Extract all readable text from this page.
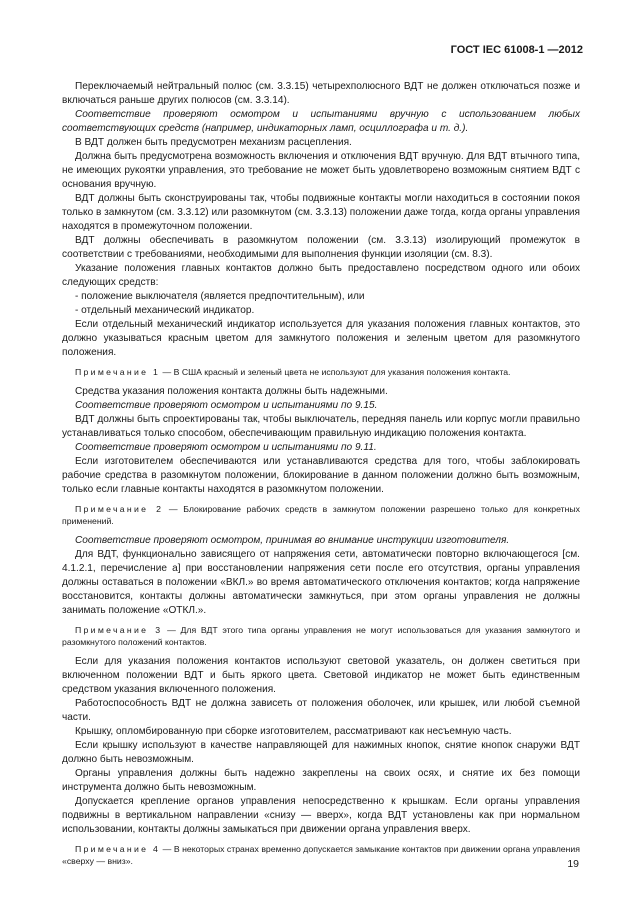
ГОСТ IEC 61008-1 —2012

Переключаемый нейтральный полюс (см. 3.3.15) четырехполюсного ВДТ не должен отключаться позже и включаться раньше других полюсов (см. 3.3.14).

Соответствие проверяют осмотром и испытаниями вручную с использованием любых соответствующих средств (например, индикаторных ламп, осциллографа и т. д.).

В ВДТ должен быть предусмотрен механизм расцепления.

Должна быть предусмотрена возможность включения и отключения ВДТ вручную. Для ВДТ втычного типа, не имеющих рукоятки управления, это требование не может быть удовлетворено возможным снятием ВДТ с основания вручную.

ВДТ должны быть сконструированы так, чтобы подвижные контакты могли находиться в состоянии покоя только в замкнутом (см. 3.3.12) или разомкнутом (см. 3.3.13) положении даже тогда, когда органы управления находятся в промежуточном положении.

ВДТ должны обеспечивать в разомкнутом положении (см. 3.3.13) изолирующий промежуток в соответствии с требованиями, необходимыми для выполнения функции изоляции (см. 8.3).

Указание положения главных контактов должно быть предоставлено посредством одного или обоих следующих средств:

- положение выключателя (является предпочтительным), или

- отдельный механический индикатор.

Если отдельный механический индикатор используется для указания положения главных контактов, это должно указываться красным цветом для замкнутого положения и зеленым цветом для разомкнутого положения.

Примечание 1 — В США красный и зеленый цвета не используют для указания положения контакта.

Средства указания положения контакта должны быть надежными.

Соответствие проверяют осмотром и испытаниями по 9.15.

ВДТ должны быть спроектированы так, чтобы выключатель, передняя панель или корпус могли правильно устанавливаться только способом, обеспечивающим правильную индикацию положения контакта.

Соответствие проверяют осмотром и испытаниями по 9.11.

Если изготовителем обеспечиваются или устанавливаются средства для того, чтобы заблокировать рабочие средства в разомкнутом положении, блокирование в данном положении должно быть возможным, только если главные контакты находятся в разомкнутом положении.

Примечание 2 — Блокирование рабочих средств в замкнутом положении разрешено только для конкретных применений.

Соответствие проверяют осмотром, принимая во внимание инструкции изготовителя.

Для ВДТ, функционально зависящего от напряжения сети, автоматически повторно включающегося [см. 4.1.2.1, перечисление а] при восстановлении напряжения сети после его отсутствия, органы управления должны оставаться в положении «ВКЛ.» во время автоматического отключения контактов; когда напряжение восстановится, контакты должны автоматически замкнуться, при этом органы управления не должны занимать положение «ОТКЛ.».

Примечание 3 — Для ВДТ этого типа органы управления не могут использоваться для указания замкнутого и разомкнутого положений контактов.

Если для указания положения контактов используют световой указатель, он должен светиться при включенном положении ВДТ и быть яркого цвета. Световой индикатор не может быть единственным средством указания включенного положения.

Работоспособность ВДТ не должна зависеть от положения оболочек, или крышек, или любой съемной части.

Крышку, опломбированную при сборке изготовителем, рассматривают как несъемную часть.

Если крышку используют в качестве направляющей для нажимных кнопок, снятие кнопок снаружи ВДТ должно быть невозможным.

Органы управления должны быть надежно закреплены на своих осях, и снятие их без помощи инструмента должно быть невозможным.

Допускается крепление органов управления непосредственно к крышкам. Если органы управления подвижны в вертикальном направлении «снизу — вверх», когда ВДТ установлены как при нормальном использовании, контакты должны замыкаться при движении органа управления вверх.

Примечание 4 — В некоторых странах временно допускается замыкание контактов при движении органа управления «сверху — вниз».	19
